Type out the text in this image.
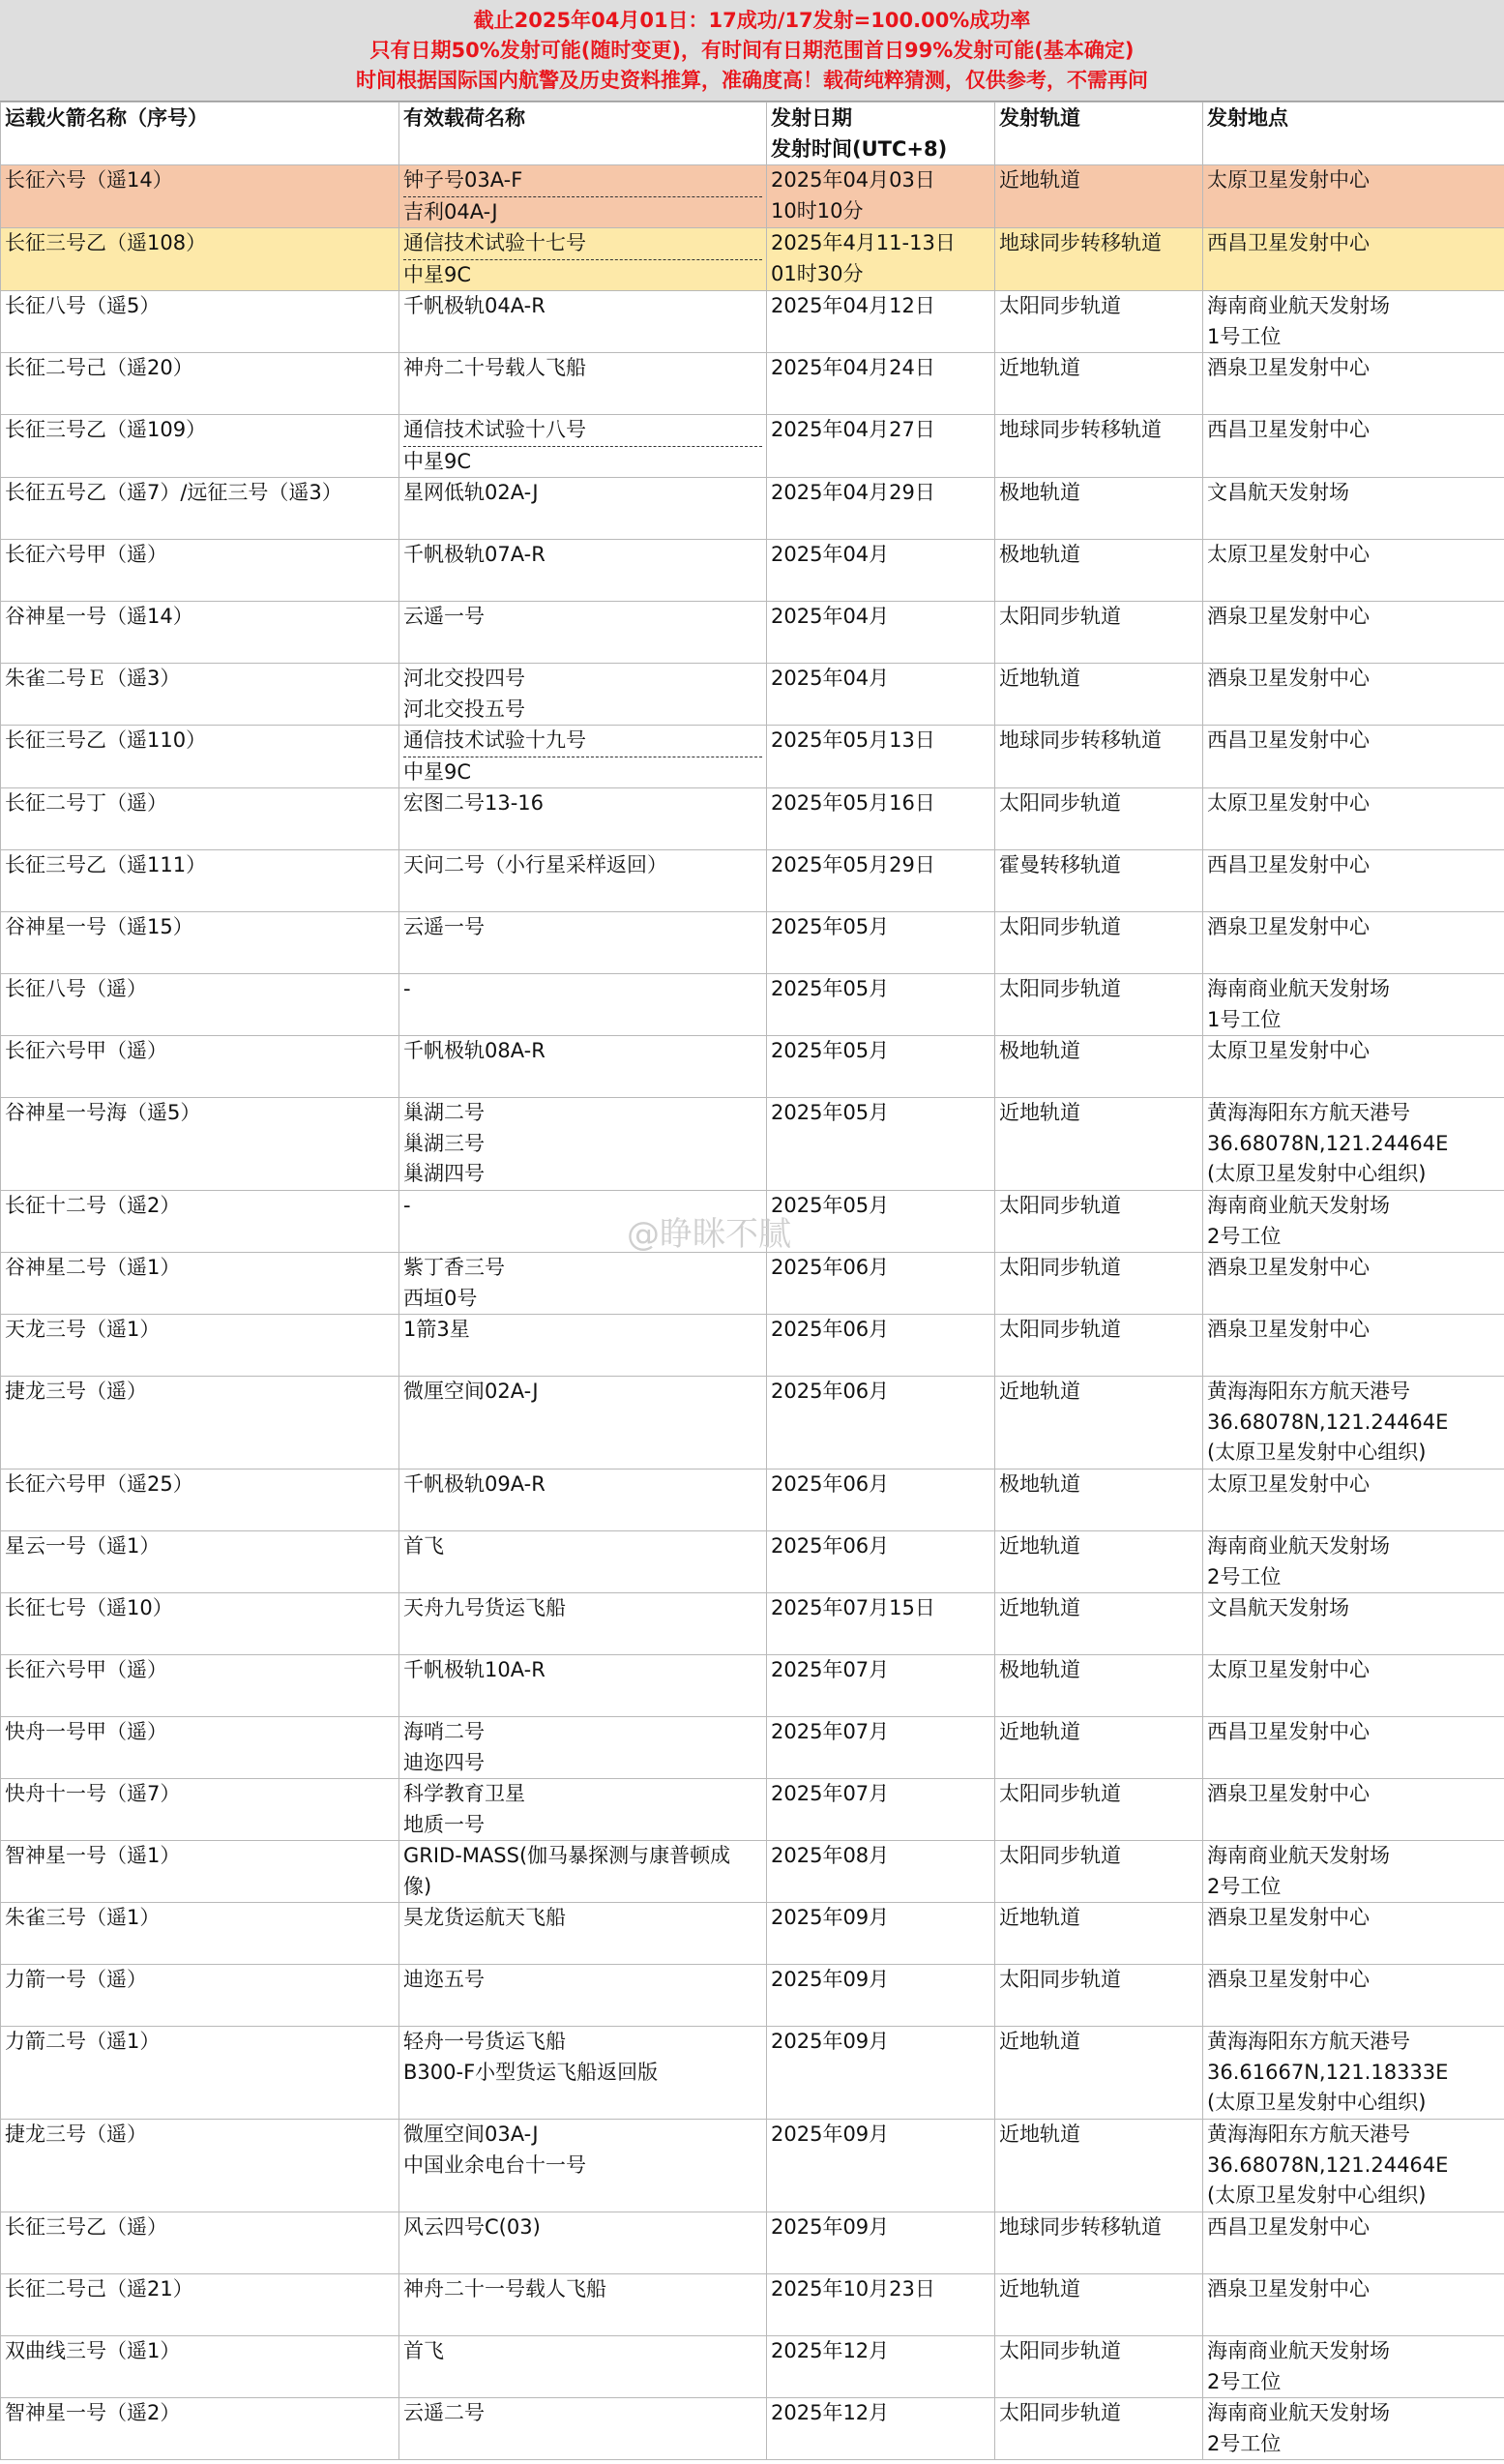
截止2025年04月01日：17成功/17发射=100.00%成功率
只有日期50%发射可能(随时变更)，有时间有日期范围首日99%发射可能(基本确定)
时间根据国际国内航警及历史资料推算，准确度高！载荷纯粹猜测，仅供参考，不需再问
运载火箭名称（序号）	有效载荷名称	发射日期
发射时间(UTC+8)	发射轨道	发射地点

长征六号（遥14）	钟子号03A-F
吉利04A-J	2025年04月03日
10时10分	近地轨道	太原卫星发射中心

长征三号乙（遥108）	通信技术试验十七号
中星9C	2025年4月11-13日
01时30分	地球同步转移轨道	西昌卫星发射中心

长征八号（遥5）	千帆极轨04A-R	2025年04月12日	太阳同步轨道	海南商业航天发射场
1号工位

长征二号己（遥20）	神舟二十号载人飞船	2025年04月24日	近地轨道	酒泉卫星发射中心

长征三号乙（遥109）	通信技术试验十八号
中星9C	2025年04月27日	地球同步转移轨道	西昌卫星发射中心

长征五号乙（遥7）/远征三号（遥3）	星网低轨02A-J	2025年04月29日	极地轨道	文昌航天发射场

长征六号甲（遥）	千帆极轨07A-R	2025年04月	极地轨道	太原卫星发射中心

谷神星一号（遥14）	云遥一号	2025年04月	太阳同步轨道	酒泉卫星发射中心

朱雀二号Ｅ（遥3）	河北交投四号
河北交投五号	2025年04月	近地轨道	酒泉卫星发射中心

长征三号乙（遥110）	通信技术试验十九号
中星9C	2025年05月13日	地球同步转移轨道	西昌卫星发射中心

长征二号丁（遥）	宏图二号13-16	2025年05月16日	太阳同步轨道	太原卫星发射中心

长征三号乙（遥111）	天问二号（小行星采样返回）	2025年05月29日	霍曼转移轨道	西昌卫星发射中心

谷神星一号（遥15）	云遥一号	2025年05月	太阳同步轨道	酒泉卫星发射中心

长征八号（遥）	-	2025年05月	太阳同步轨道	海南商业航天发射场
1号工位

长征六号甲（遥）	千帆极轨08A-R	2025年05月	极地轨道	太原卫星发射中心

谷神星一号海（遥5）	巢湖二号
巢湖三号
巢湖四号	2025年05月	近地轨道	黄海海阳东方航天港号
36.68078N,121.24464E
(太原卫星发射中心组织)

长征十二号（遥2）	-	2025年05月	太阳同步轨道	海南商业航天发射场
2号工位

谷神星二号（遥1）	紫丁香三号
西垣0号	2025年06月	太阳同步轨道	酒泉卫星发射中心

天龙三号（遥1）	1箭3星	2025年06月	太阳同步轨道	酒泉卫星发射中心

捷龙三号（遥）	微厘空间02A-J	2025年06月	近地轨道	黄海海阳东方航天港号
36.68078N,121.24464E
(太原卫星发射中心组织)

长征六号甲（遥25）	千帆极轨09A-R	2025年06月	极地轨道	太原卫星发射中心

星云一号（遥1）	首飞	2025年06月	近地轨道	海南商业航天发射场
2号工位

长征七号（遥10）	天舟九号货运飞船	2025年07月15日	近地轨道	文昌航天发射场

长征六号甲（遥）	千帆极轨10A-R	2025年07月	极地轨道	太原卫星发射中心

快舟一号甲（遥）	海哨二号
迪迩四号	2025年07月	近地轨道	西昌卫星发射中心

快舟十一号（遥7）	科学教育卫星
地质一号	2025年07月	太阳同步轨道	酒泉卫星发射中心

智神星一号（遥1）	GRID-MASS(伽马暴探测与康普顿成
像)	2025年08月	太阳同步轨道	海南商业航天发射场
2号工位

朱雀三号（遥1）	昊龙货运航天飞船	2025年09月	近地轨道	酒泉卫星发射中心

力箭一号（遥）	迪迩五号	2025年09月	太阳同步轨道	酒泉卫星发射中心

力箭二号（遥1）	轻舟一号货运飞船
B300-F小型货运飞船返回版	2025年09月	近地轨道	黄海海阳东方航天港号
36.61667N,121.18333E
(太原卫星发射中心组织)

捷龙三号（遥）	微厘空间03A-J
中国业余电台十一号	2025年09月	近地轨道	黄海海阳东方航天港号
36.68078N,121.24464E
(太原卫星发射中心组织)

长征三号乙（遥）	风云四号C(03)	2025年09月	地球同步转移轨道	西昌卫星发射中心

长征二号己（遥21）	神舟二十一号载人飞船	2025年10月23日	近地轨道	酒泉卫星发射中心

双曲线三号（遥1）	首飞	2025年12月	太阳同步轨道	海南商业航天发射场
2号工位

智神星一号（遥2）	云遥二号	2025年12月	太阳同步轨道	海南商业航天发射场
2号工位
@睁眯不腻
